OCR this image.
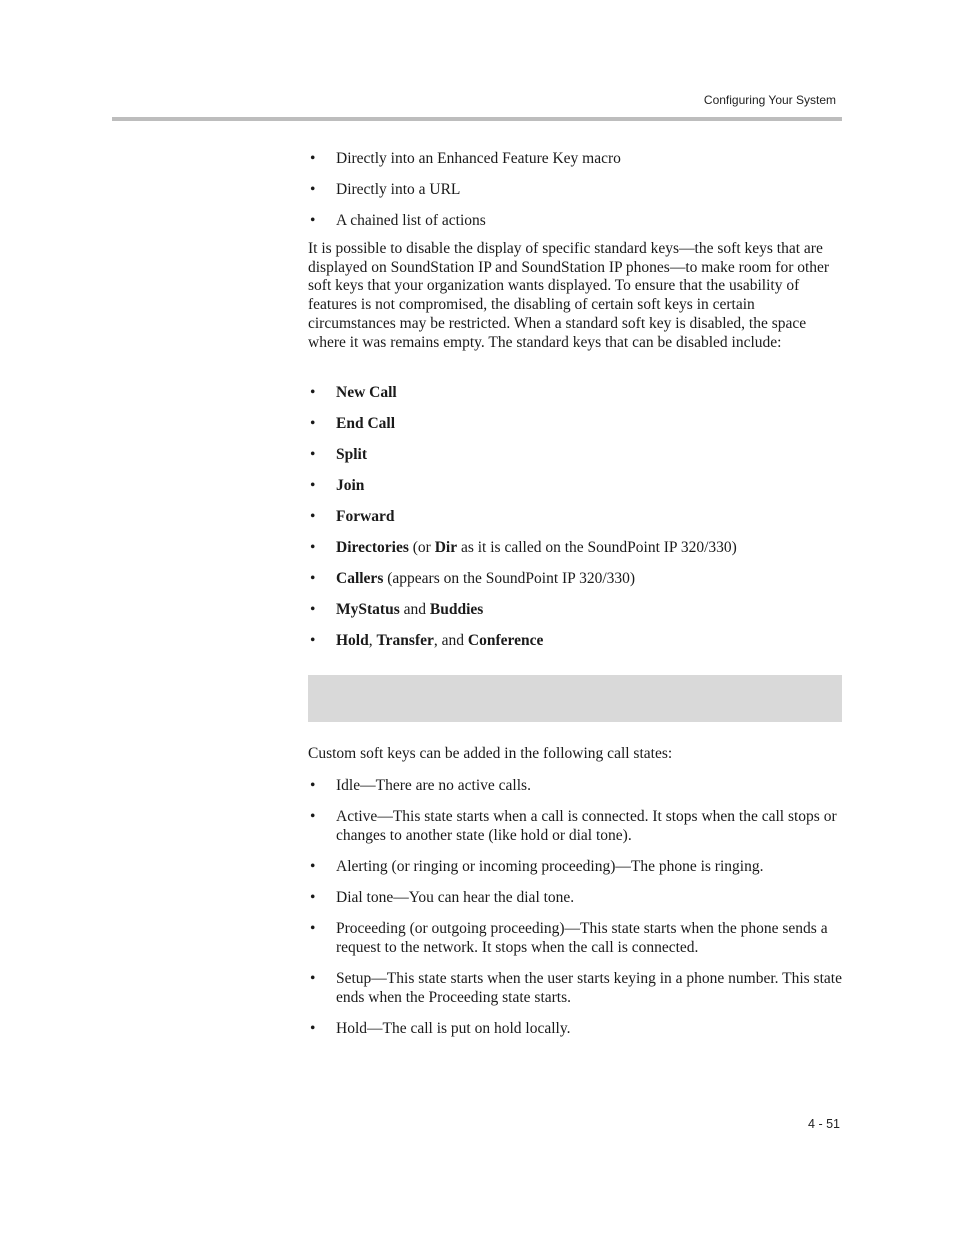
Configuring Your System
• Directly into an Enhanced Feature Key macro
• Directly into a URL
• A chained list of actions

It is possible to disable the display of specific standard keys—the soft keys that are displayed on SoundStation IP and SoundStation IP phones—to make room for other soft keys that your organization wants displayed. To ensure that the usability of features is not compromised, the disabling of certain soft keys in certain circumstances may be restricted. When a standard soft key is disabled, the space where it was remains empty. The standard keys that can be disabled include:

• New Call
• End Call
• Split
• Join
• Forward
• Directories (or Dir as it is called on the SoundPoint IP 320/330)
• Callers (appears on the SoundPoint IP 320/330)
• MyStatus and Buddies
• Hold, Transfer, and Conference

Custom soft keys can be added in the following call states:

• Idle—There are no active calls.
• Active—This state starts when a call is connected. It stops when the call stops or changes to another state (like hold or dial tone).
• Alerting (or ringing or incoming proceeding)—The phone is ringing.
• Dial tone—You can hear the dial tone.
• Proceeding (or outgoing proceeding)—This state starts when the phone sends a request to the network. It stops when the call is connected.
• Setup—This state starts when the user starts keying in a phone number. This state ends when the Proceeding state starts.
• Hold—The call is put on hold locally.
4 - 51
